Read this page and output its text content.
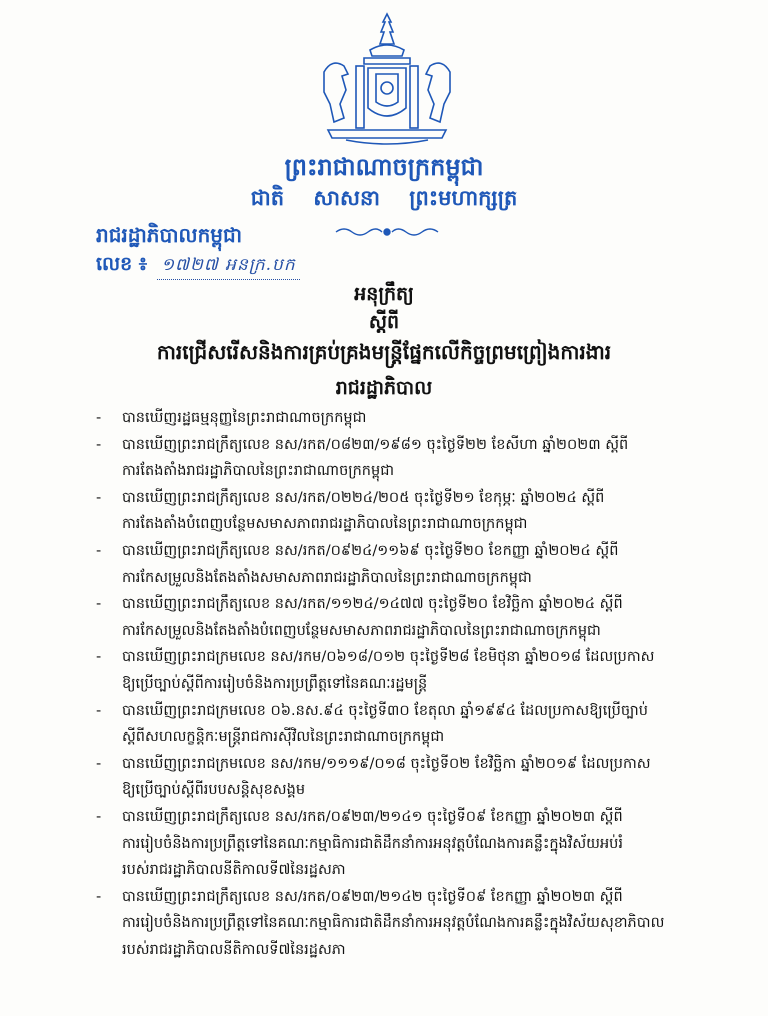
ព្រះរាជាណាចក្រកម្ពុជា
ជាតិ សាសនា ព្រះមហាក្សត្រ
រាជរដ្ឋាភិបាលកម្ពុជា
លេខ ៖ ១៧២៧ អនក្រ.បក
អនុក្រឹត្យ
ស្ដីពី
ការជ្រើសរើសនិងការគ្រប់គ្រងមន្ត្រីផ្នែកលើកិច្ចព្រមព្រៀងការងារ
រាជរដ្ឋាភិបាល
-	បានឃើញរដ្ឋធម្មនុញ្ញនៃព្រះរាជាណាចក្រកម្ពុជា
-	បានឃើញព្រះរាជក្រឹត្យលេខ នស/រកត/០៨២៣/១៩៨១ ចុះថ្ងៃទី២២ ខែសីហា ឆ្នាំ២០២៣ ស្ដីពី
ការតែងតាំងរាជរដ្ឋាភិបាលនៃព្រះរាជាណាចក្រកម្ពុជា
-	បានឃើញព្រះរាជក្រឹត្យលេខ នស/រកត/០២២៤/២០៥ ចុះថ្ងៃទី២១ ខែកុម្ភៈ ឆ្នាំ២០២៤ ស្ដីពី
ការតែងតាំងបំពេញបន្ថែមសមាសភាពរាជរដ្ឋាភិបាលនៃព្រះរាជាណាចក្រកម្ពុជា
-	បានឃើញព្រះរាជក្រឹត្យលេខ នស/រកត/០៩២៤/១១៦៩ ចុះថ្ងៃទី២០ ខែកញ្ញា ឆ្នាំ២០២៤ ស្ដីពី
ការកែសម្រួលនិងតែងតាំងសមាសភាពរាជរដ្ឋាភិបាលនៃព្រះរាជាណាចក្រកម្ពុជា
-	បានឃើញព្រះរាជក្រឹត្យលេខ នស/រកត/១១២៤/១៤៧៧ ចុះថ្ងៃទី២០ ខែវិច្ឆិកា ឆ្នាំ២០២៤ ស្ដីពី
ការកែសម្រួលនិងតែងតាំងបំពេញបន្ថែមសមាសភាពរាជរដ្ឋាភិបាលនៃព្រះរាជាណាចក្រកម្ពុជា
-	បានឃើញព្រះរាជក្រមលេខ នស/រកម/០៦១៨/០១២ ចុះថ្ងៃទី២៨ ខែមិថុនា ឆ្នាំ២០១៨ ដែលប្រកាស
ឱ្យប្រើច្បាប់ស្ដីពីការរៀបចំនិងការប្រព្រឹត្តទៅនៃគណៈរដ្ឋមន្ត្រី
-	បានឃើញព្រះរាជក្រមលេខ ០៦.នស.៩៤ ចុះថ្ងៃទី៣០ ខែតុលា ឆ្នាំ១៩៩៤ ដែលប្រកាសឱ្យប្រើច្បាប់
ស្ដីពីសហលក្ខន្តិកៈមន្ត្រីរាជការស៊ីវិលនៃព្រះរាជាណាចក្រកម្ពុជា
-	បានឃើញព្រះរាជក្រមលេខ នស/រកម/១១១៩/០១៨ ចុះថ្ងៃទី០២ ខែវិច្ឆិកា ឆ្នាំ២០១៩ ដែលប្រកាស
ឱ្យប្រើច្បាប់ស្ដីពីរបបសន្តិសុខសង្គម
-	បានឃើញព្រះរាជក្រឹត្យលេខ នស/រកត/០៩២៣/២១៤១ ចុះថ្ងៃទី០៩ ខែកញ្ញា ឆ្នាំ២០២៣ ស្ដីពី
ការរៀបចំនិងការប្រព្រឹត្តទៅនៃគណៈកម្មាធិការជាតិដឹកនាំការអនុវត្តបំណែងការគន្លឹះក្នុងវិស័យអប់រំ
របស់រាជរដ្ឋាភិបាលនីតិកាលទី៧នៃរដ្ឋសភា
-	បានឃើញព្រះរាជក្រឹត្យលេខ នស/រកត/០៩២៣/២១៤២ ចុះថ្ងៃទី០៩ ខែកញ្ញា ឆ្នាំ២០២៣ ស្ដីពី
ការរៀបចំនិងការប្រព្រឹត្តទៅនៃគណៈកម្មាធិការជាតិដឹកនាំការអនុវត្តបំណែងការគន្លឹះក្នុងវិស័យសុខាភិបាល
របស់រាជរដ្ឋាភិបាលនីតិកាលទី៧នៃរដ្ឋសភា
